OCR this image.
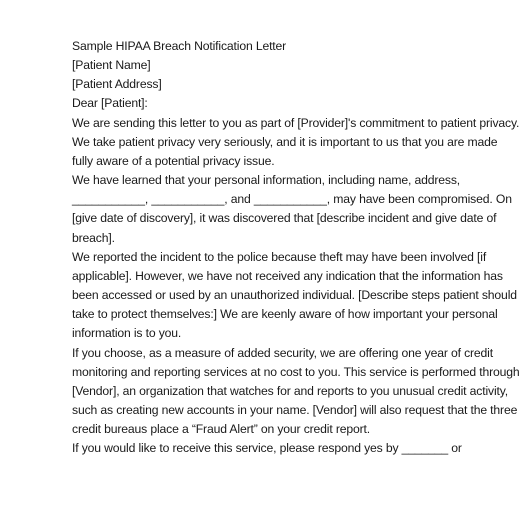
Sample HIPAA Breach Notification Letter
[Patient Name]
[Patient Address]
Dear [Patient]:
We are sending this letter to you as part of [Provider]'s commitment to patient privacy.
We take patient privacy very seriously, and it is important to us that you are made
fully aware of a potential privacy issue.
We have learned that your personal information, including name, address,
___________, ___________, and ___________, may have been compromised. On
[give date of discovery], it was discovered that [describe incident and give date of
breach].
We reported the incident to the police because theft may have been involved [if
applicable]. However, we have not received any indication that the information has
been accessed or used by an unauthorized individual. [Describe steps patient should
take to protect themselves:] We are keenly aware of how important your personal
information is to you.
If you choose, as a measure of added security, we are offering one year of credit
monitoring and reporting services at no cost to you. This service is performed through
[Vendor], an organization that watches for and reports to you unusual credit activity,
such as creating new accounts in your name. [Vendor] will also request that the three
credit bureaus place a “Fraud Alert” on your credit report.
If you would like to receive this service, please respond yes by _______ or
